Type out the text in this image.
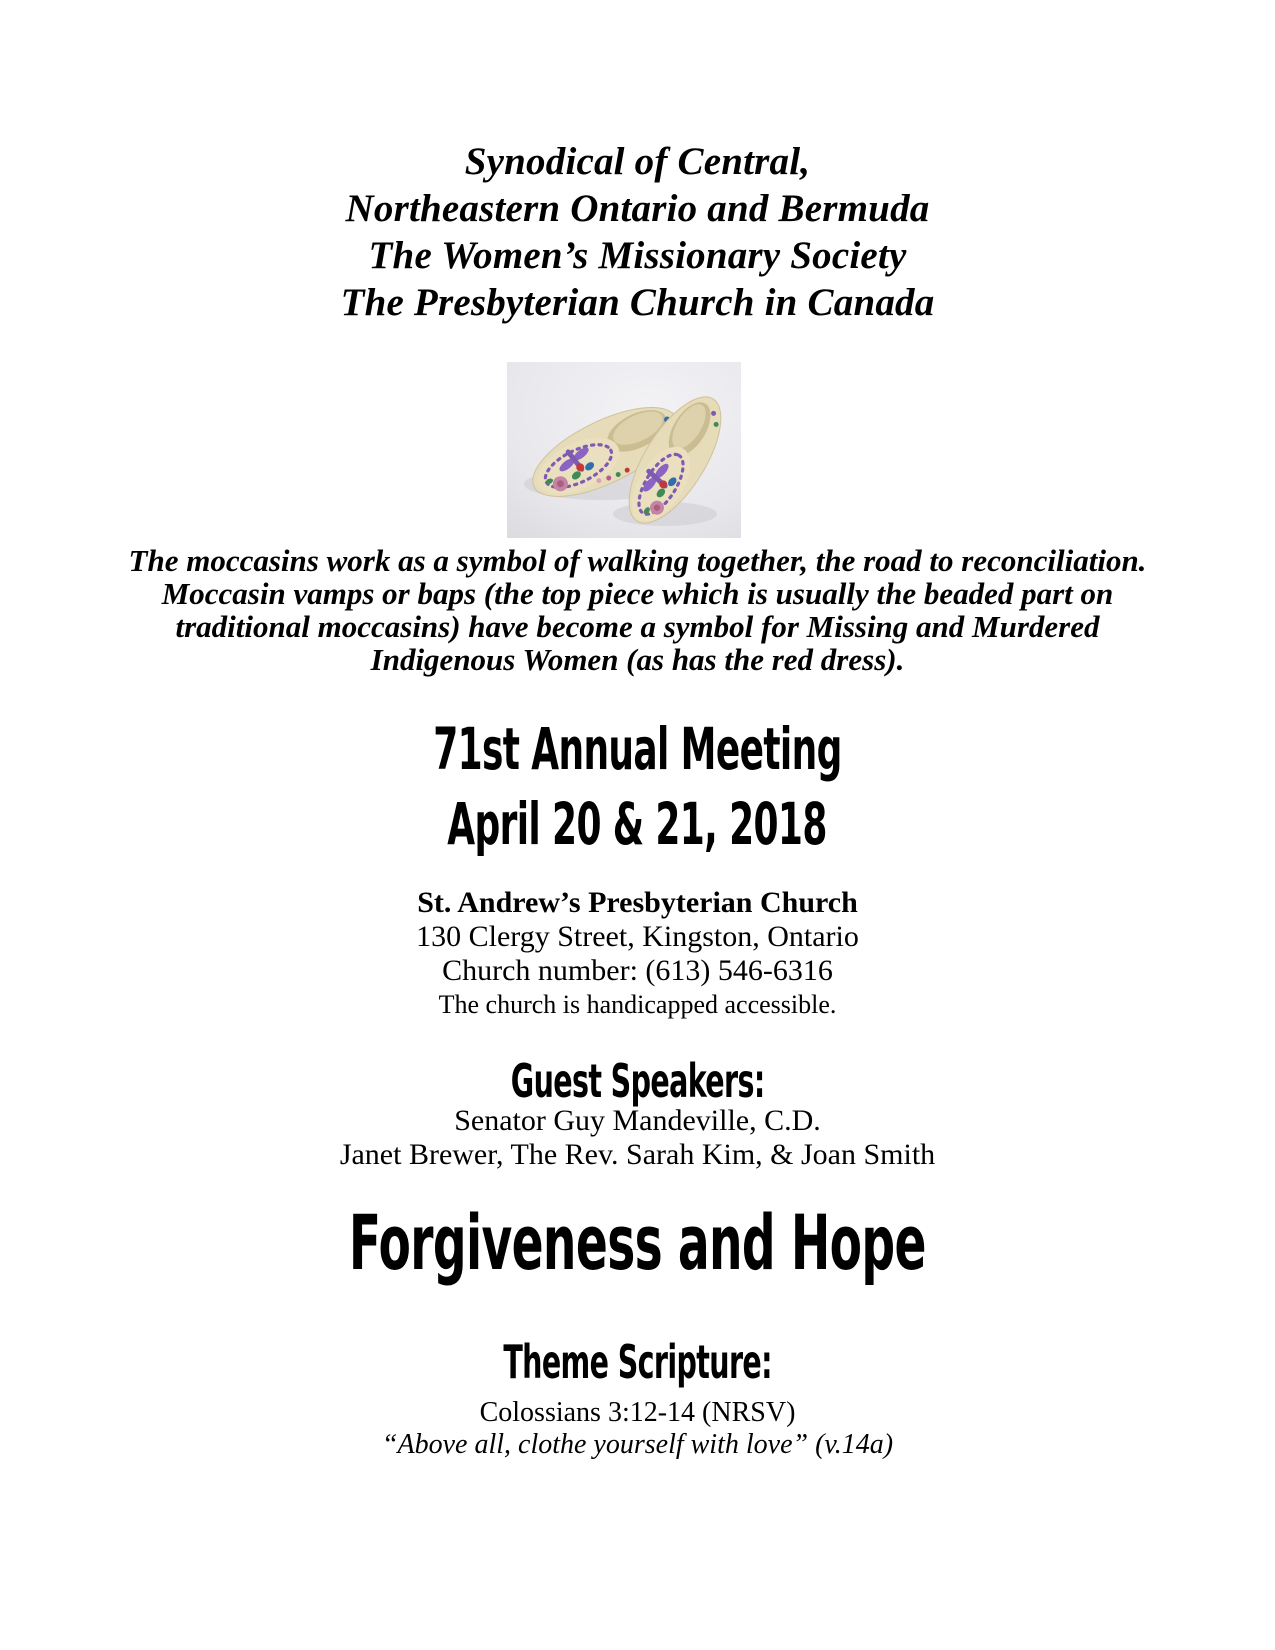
Synodical of Central,
Northeastern Ontario and Bermuda
The Women’s Missionary Society
The Presbyterian Church in Canada
The moccasins work as a symbol of walking together, the road to reconciliation.
Moccasin vamps or baps (the top piece which is usually the beaded part on
traditional moccasins) have become a symbol for Missing and Murdered
Indigenous Women (as has the red dress).
71st Annual Meeting
April 20 & 21, 2018
St. Andrew’s Presbyterian Church
130 Clergy Street, Kingston, Ontario
Church number: (613) 546-6316
The church is handicapped accessible.
Guest Speakers:
Senator Guy Mandeville, C.D.
Janet Brewer, The Rev. Sarah Kim, & Joan Smith
Forgiveness and Hope
Theme Scripture:
Colossians 3:12-14 (NRSV)
“Above all, clothe yourself with love” (v.14a)
